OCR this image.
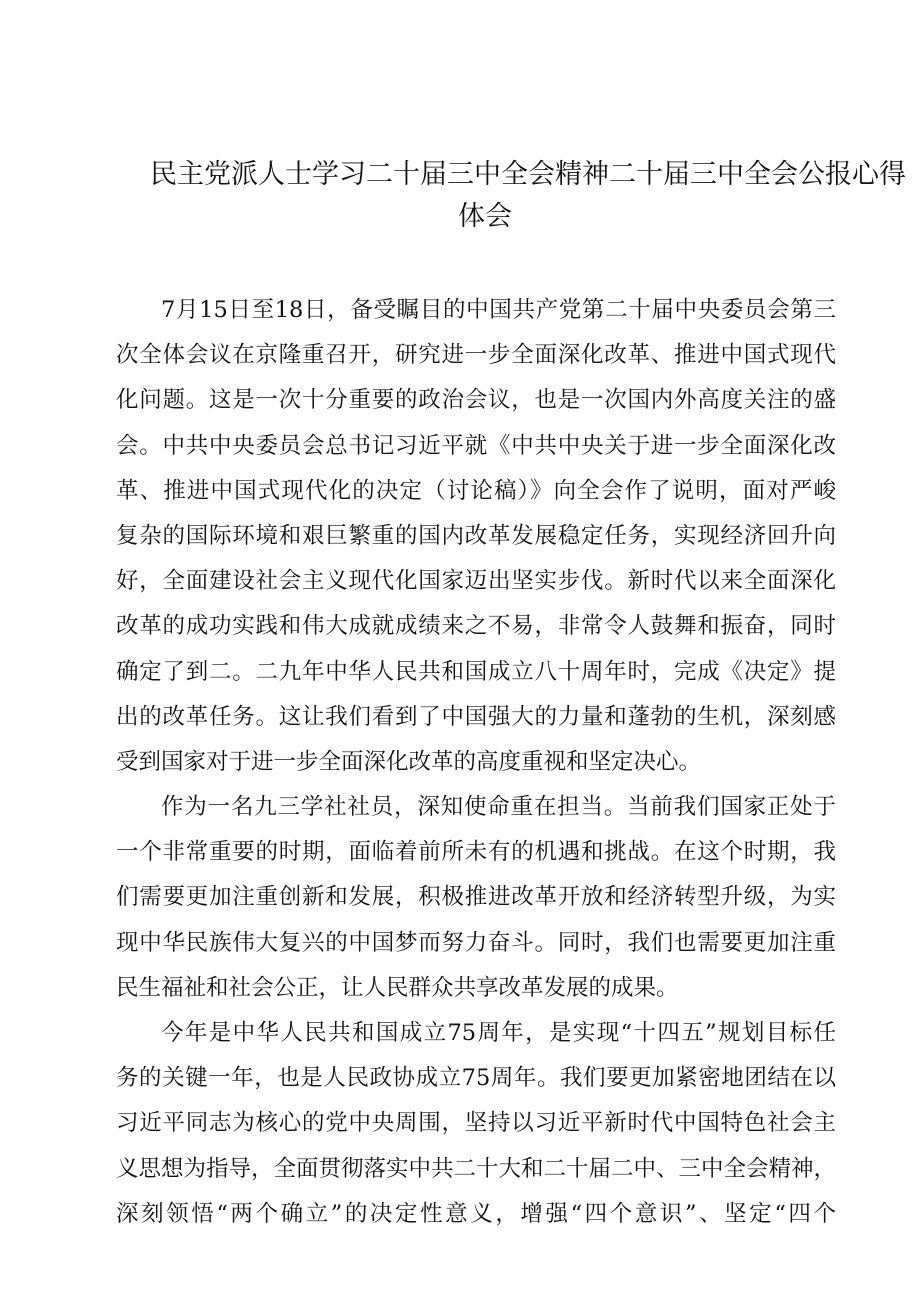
民主党派人士学习二十届三中全会精神二十届三中全会公报心得
体会
7月15日至18日，备受瞩目的中国共产党第二十届中央委员会第三
次全体会议在京隆重召开，研究进一步全面深化改革、推进中国式现代
化问题。这是一次十分重要的政治会议，也是一次国内外高度关注的盛
会。中共中央委员会总书记习近平就《中共中央关于进一步全面深化改
革、推进中国式现代化的决定（讨论稿）》向全会作了说明，面对严峻
复杂的国际环境和艰巨繁重的国内改革发展稳定任务，实现经济回升向
好，全面建设社会主义现代化国家迈出坚实步伐。新时代以来全面深化
改革的成功实践和伟大成就成绩来之不易，非常令人鼓舞和振奋，同时
确定了到二。二九年中华人民共和国成立八十周年时，完成《决定》提
出的改革任务。这让我们看到了中国强大的力量和蓬勃的生机，深刻感
受到国家对于进一步全面深化改革的高度重视和坚定决心。
作为一名九三学社社员，深知使命重在担当。当前我们国家正处于
一个非常重要的时期，面临着前所未有的机遇和挑战。在这个时期，我
们需要更加注重创新和发展，积极推进改革开放和经济转型升级，为实
现中华民族伟大复兴的中国梦而努力奋斗。同时，我们也需要更加注重
民生福祉和社会公正，让人民群众共享改革发展的成果。
今年是中华人民共和国成立75周年，是实现“十四五”规划目标任
务的关键一年，也是人民政协成立75周年。我们要更加紧密地团结在以
习近平同志为核心的党中央周围，坚持以习近平新时代中国特色社会主
义思想为指导，全面贯彻落实中共二十大和二十届二中、三中全会精神，
深刻领悟“两个确立”的决定性意义，增强“四个意识”、坚定“四个
